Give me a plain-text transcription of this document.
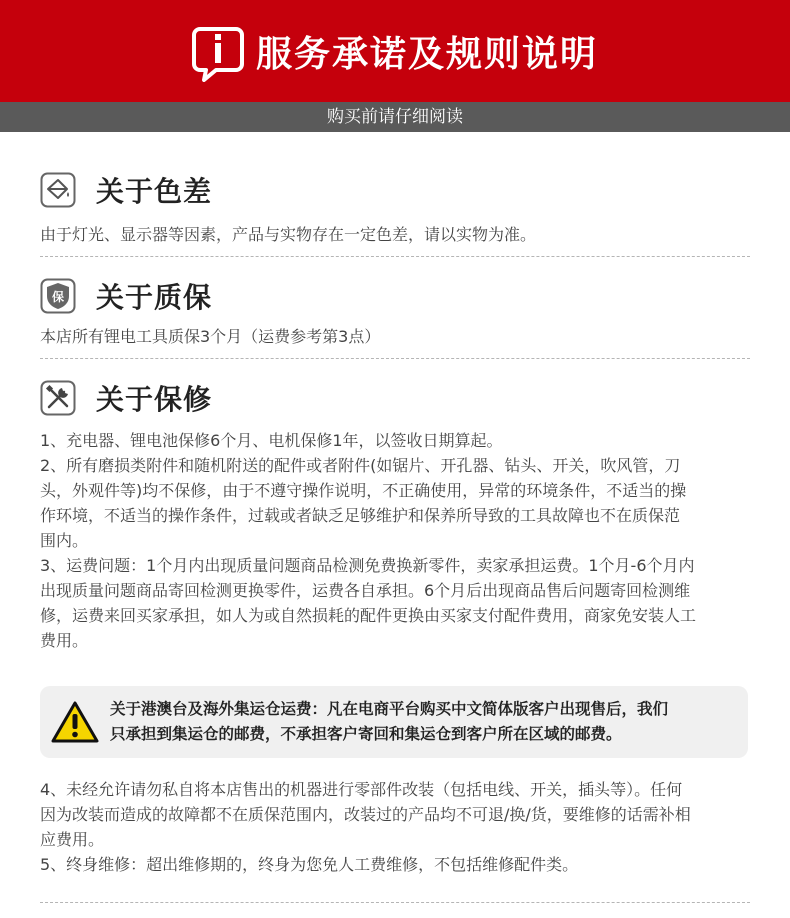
服务承诺及规则说明
购买前请仔细阅读
关于色差
由于灯光、显示器等因素，产品与实物存在一定色差，请以实物为准。
保 关于质保
本店所有锂电工具质保3个月（运费参考第3点）
关于保修
1、充电器、锂电池保修6个月、电机保修1年，以签收日期算起。
2、所有磨损类附件和随机附送的配件或者附件(如锯片、开孔器、钻头、开关，吹风管，刀
头，外观件等)均不保修，由于不遵守操作说明，不正确使用，异常的环境条件，不适当的操
作环境，不适当的操作条件，过载或者缺乏足够维护和保养所导致的工具故障也不在质保范
围内。
3、运费问题：1个月内出现质量问题商品检测免费换新零件，卖家承担运费。1个月-6个月内
出现质量问题商品寄回检测更换零件，运费各自承担。6个月后出现商品售后问题寄回检测维
修，运费来回买家承担，如人为或自然损耗的配件更换由买家支付配件费用，商家免安装人工
费用。
关于港澳台及海外集运仓运费：凡在电商平台购买中文简体版客户出现售后，我们
只承担到集运仓的邮费，不承担客户寄回和集运仓到客户所在区域的邮费。
4、未经允许请勿私自将本店售出的机器进行零部件改装（包括电线、开关，插头等）。任何
因为改装而造成的故障都不在质保范围内，改装过的产品均不可退/换/货，要维修的话需补相
应费用。
5、终身维修：超出维修期的，终身为您免人工费维修，不包括维修配件类。
